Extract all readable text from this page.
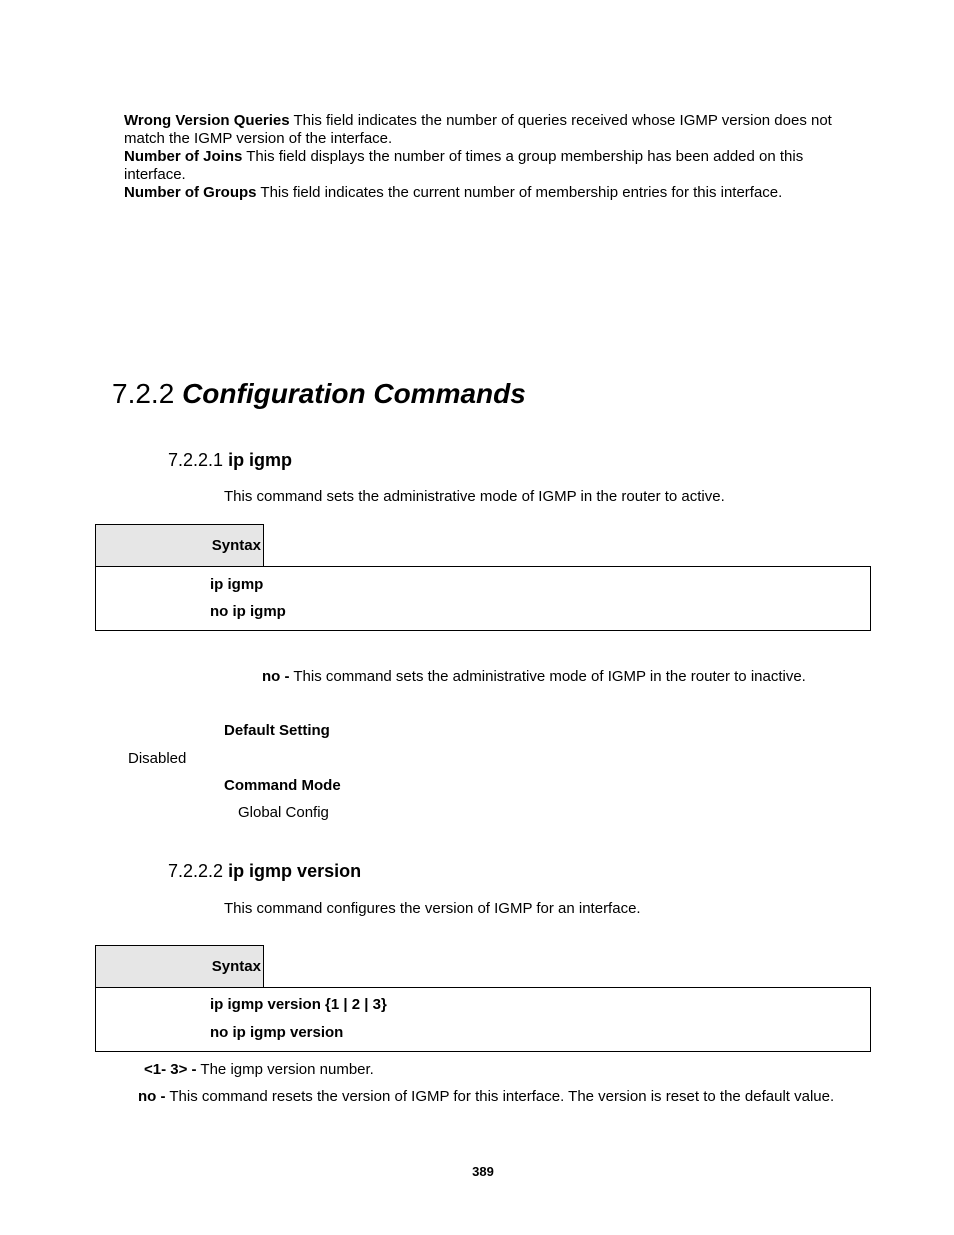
Wrong Version Queries This field indicates the number of queries received whose IGMP version does not match the IGMP version of the interface.
Number of Joins This field displays the number of times a group membership has been added on this interface.
Number of Groups This field indicates the current number of membership entries for this interface.
7.2.2 Configuration Commands
7.2.2.1 ip igmp
This command sets the administrative mode of IGMP in the router to active.
Syntax
ip igmp
no ip igmp
no - This command sets the administrative mode of IGMP in the router to inactive.
Default Setting
Disabled
Command Mode
Global Config
7.2.2.2 ip igmp version
This command configures the version of IGMP for an interface.
Syntax
ip igmp version {1 | 2 | 3}
no ip igmp version
<1- 3> - The igmp version number.
no - This command resets the version of IGMP for this interface. The version is reset to the default value.
389
